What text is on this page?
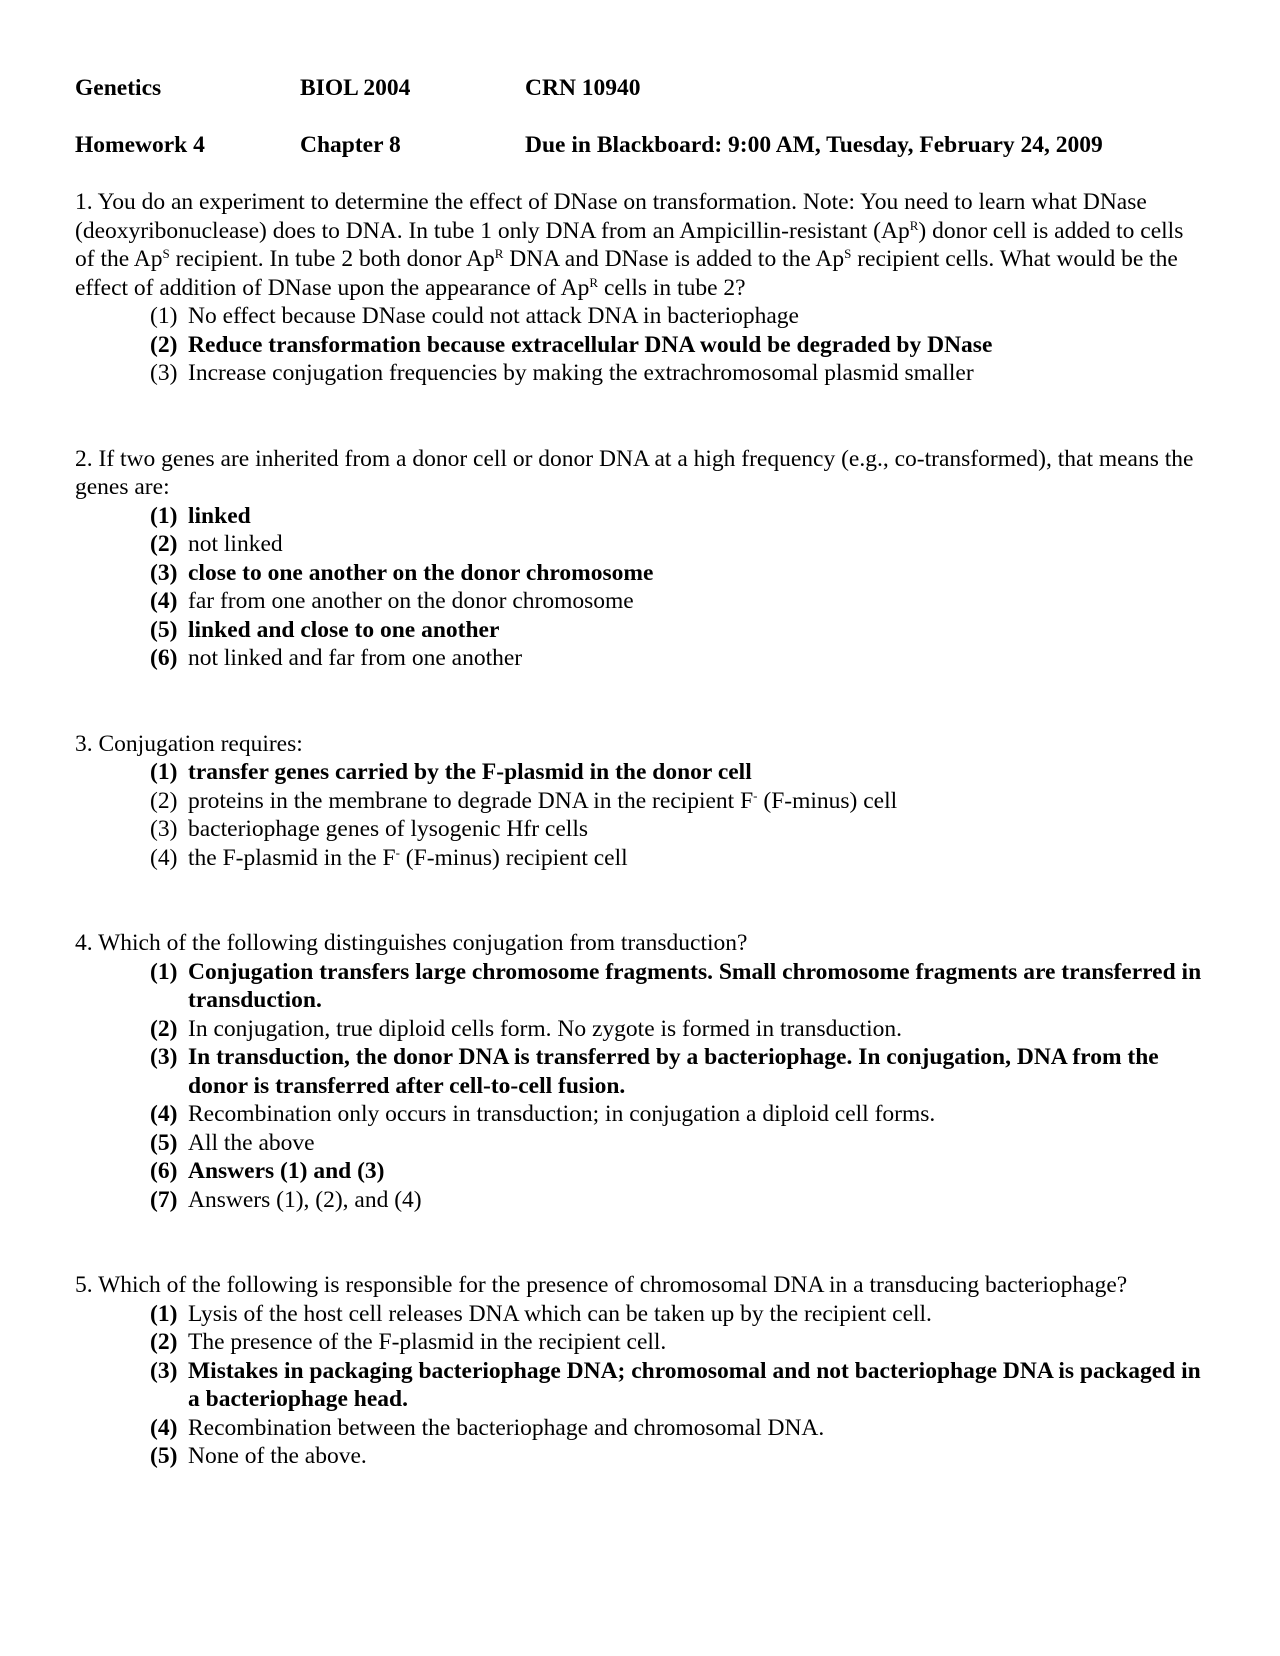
Genetics	BIOL 2004	CRN 10940
Homework 4	Chapter 8	Due in Blackboard: 9:00 AM, Tuesday, February 24, 2009

1. You do an experiment to determine the effect of DNase on transformation. Note: You need to learn what DNase (deoxyribonuclease) does to DNA. In tube 1 only DNA from an Ampicillin-resistant $(Ap^R)$ donor cell is added to cells of the $Ap^S$ recipient. In tube 2 both donor $Ap^R$ DNA and DNase is added to the $Ap^S$ recipient cells. What would be the effect of addition of DNase upon the appearance of $Ap^R$ cells in tube 2?

(1) No effect because DNase could not attack DNA in bacteriophage
(2) Reduce transformation because extracellular DNA would be degraded by DNase
(3) Increase conjugation frequencies by making the extrachromosomal plasmid smaller

2. If two genes are inherited from a donor cell or donor DNA at a high frequency (e.g., co-transformed), that means the genes are:

(1) linked
(2) not linked
(3) close to one another on the donor chromosome
(4) far from one another on the donor chromosome
(5) linked and close to one another
(6) not linked and far from one another

3. Conjugation requires:

(1) transfer genes carried by the F-plasmid in the donor cell
(2) proteins in the membrane to degrade DNA in the recipient F- (F-minus) cell
(3) bacteriophage genes of lysogenic Hfr cells
(4) the F-plasmid in the F- (F-minus) recipient cell

4. Which of the following distinguishes conjugation from transduction?

(1) Conjugation transfers large chromosome fragments. Small chromosome fragments are transferred in transduction.
(2) In conjugation, true diploid cells form. No zygote is formed in transduction.
(3) In transduction, the donor DNA is transferred by a bacteriophage. In conjugation, DNA from the donor is transferred after cell-to-cell fusion.
(4) Recombination only occurs in transduction; in conjugation a diploid cell forms.
(5) All the above
(6) Answers (1) and (3)
(7) Answers (1), (2), and (4)

5. Which of the following is responsible for the presence of chromosomal DNA in a transducing bacteriophage?

(1) Lysis of the host cell releases DNA which can be taken up by the recipient cell.
(2) The presence of the F-plasmid in the recipient cell.
(3) Mistakes in packaging bacteriophage DNA; chromosomal and not bacteriophage DNA is packaged in a bacteriophage head.
(4) Recombination between the bacteriophage and chromosomal DNA.
(5) None of the above.
